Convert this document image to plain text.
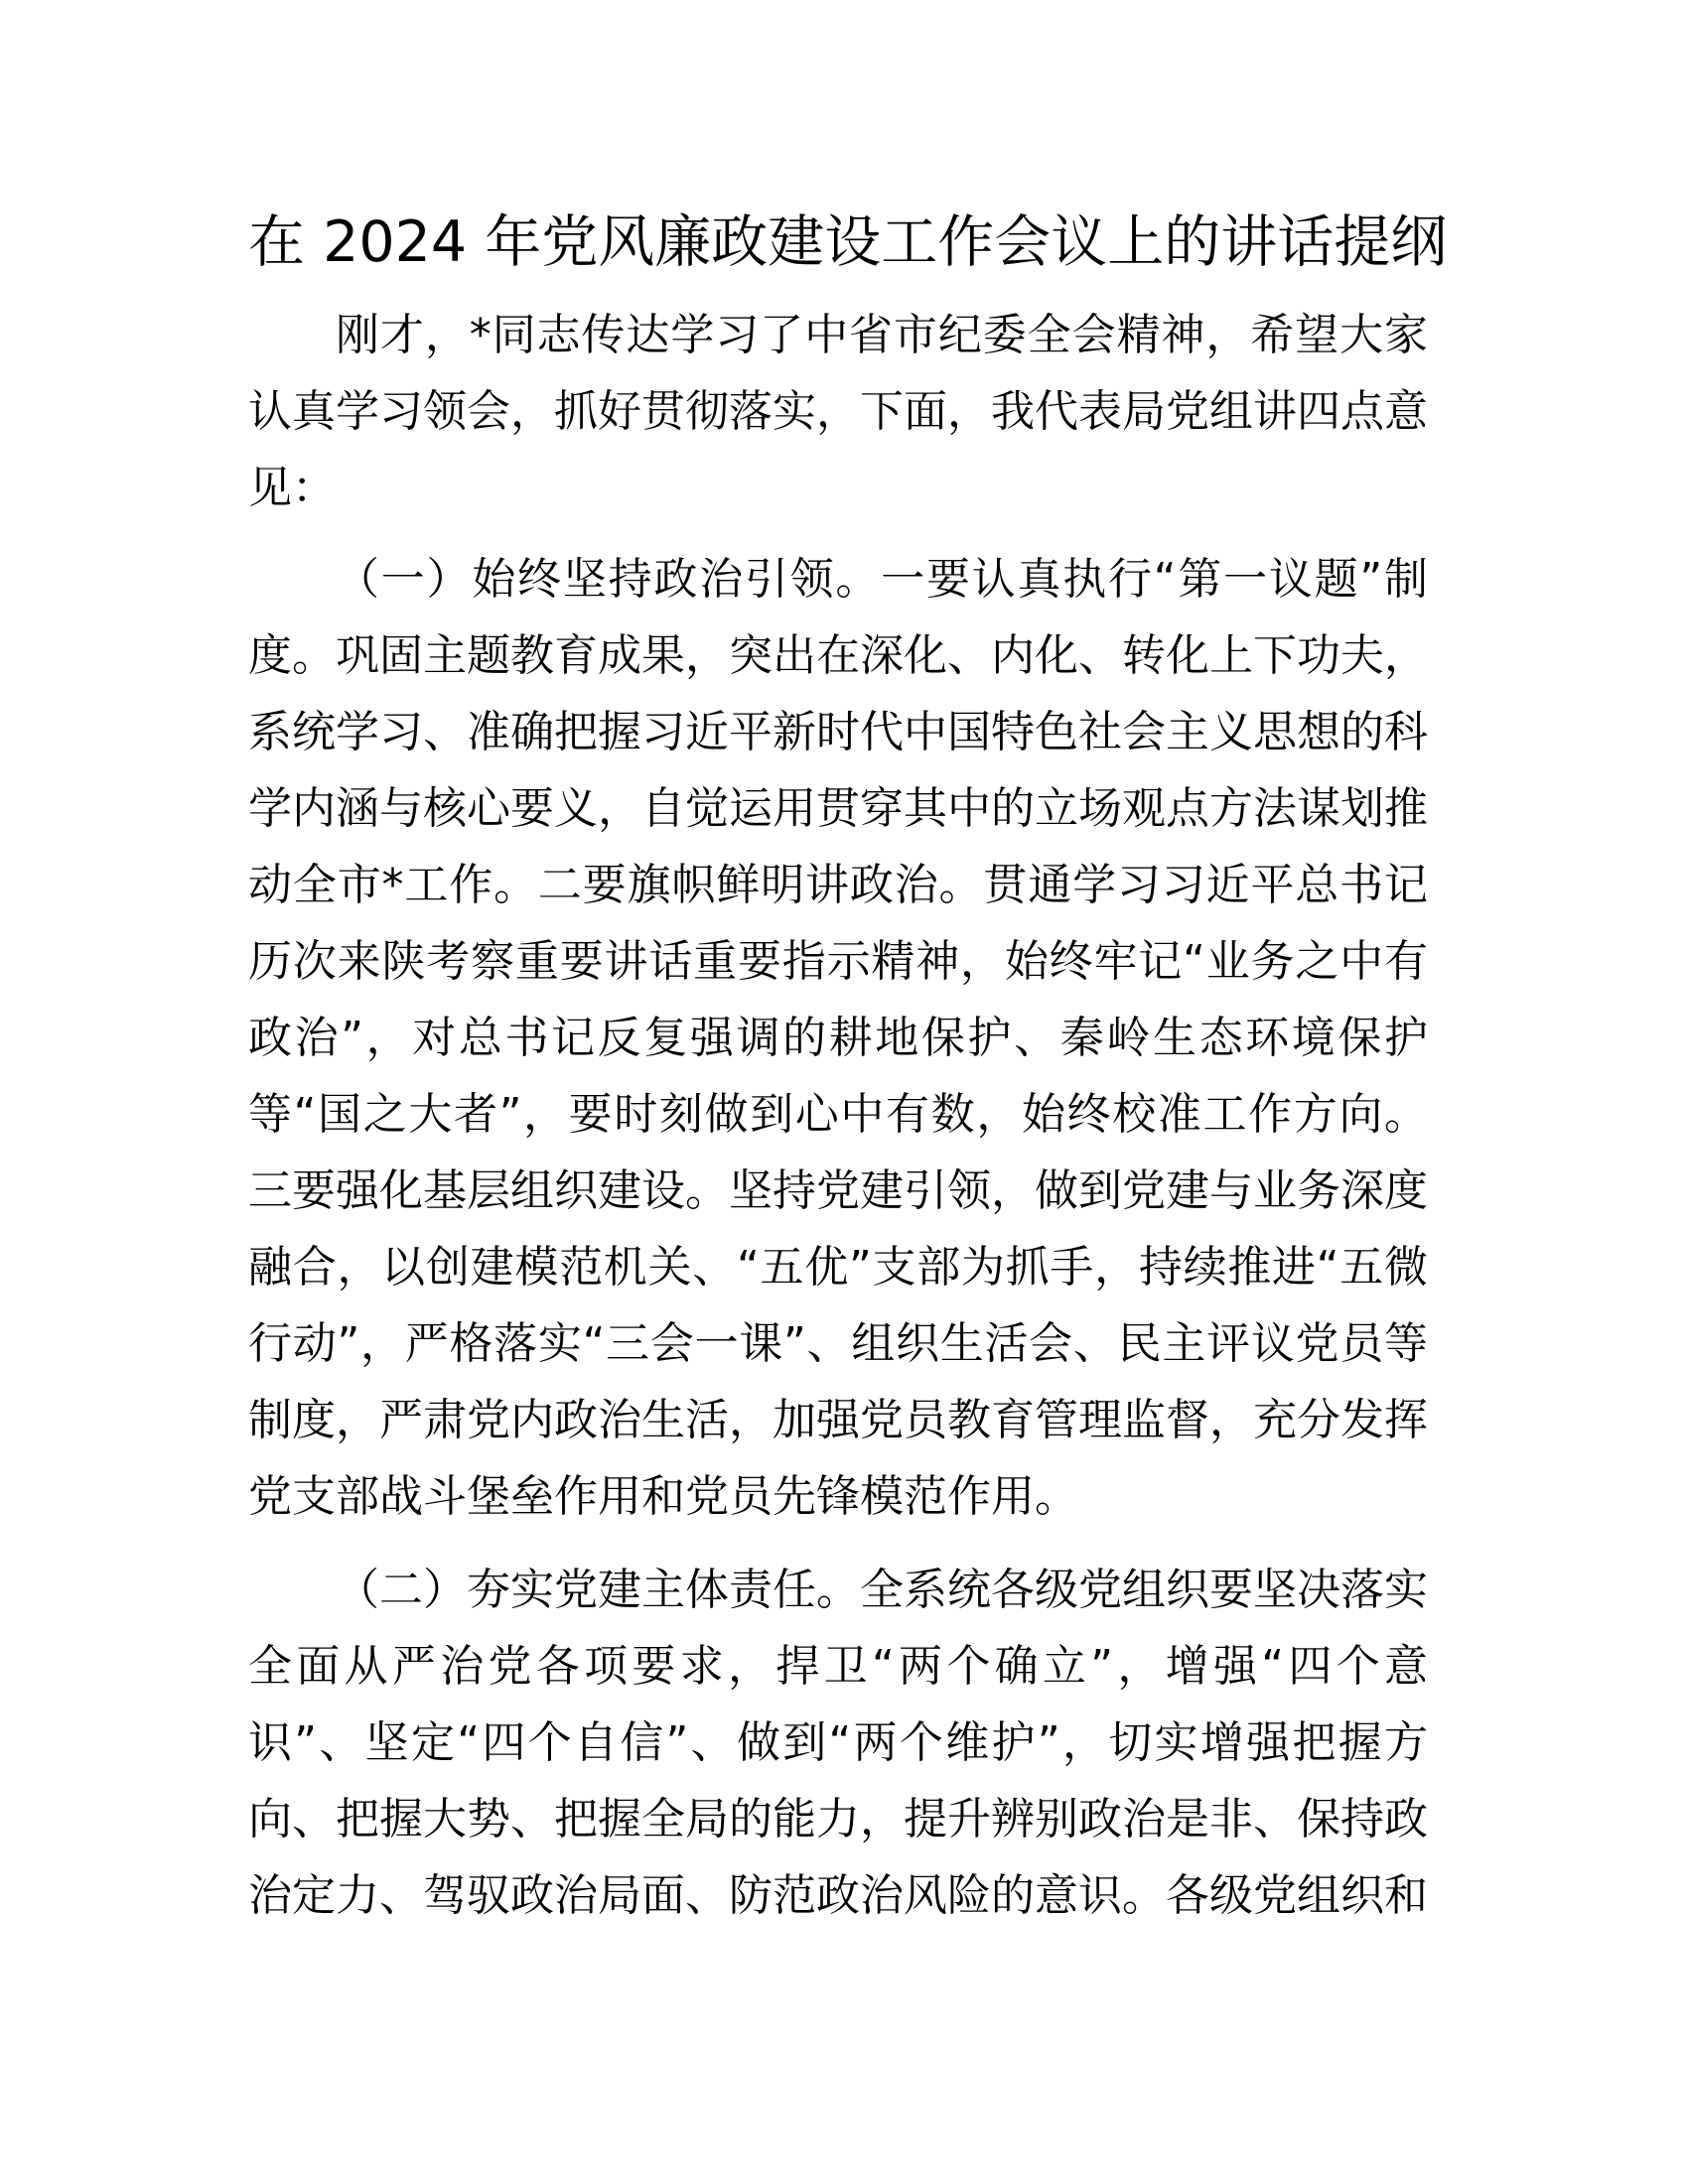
在 2024 年党风廉政建设工作会议上的讲话提纲
刚才，*同志传达学习了中省市纪委全会精神，希望大家
认真学习领会，抓好贯彻落实，下面，我代表局党组讲四点意
见：
（一）始终坚持政治引领。一要认真执行“第一议题”制
度。巩固主题教育成果，突出在深化、内化、转化上下功夫，
系统学习、准确把握习近平新时代中国特色社会主义思想的科
学内涵与核心要义，自觉运用贯穿其中的立场观点方法谋划推
动全市*工作。二要旗帜鲜明讲政治。贯通学习习近平总书记
历次来陕考察重要讲话重要指示精神，始终牢记“业务之中有
政治”，对总书记反复强调的耕地保护、秦岭生态环境保护
等“国之大者”，要时刻做到心中有数，始终校准工作方向。
三要强化基层组织建设。坚持党建引领，做到党建与业务深度
融合，以创建模范机关、“五优”支部为抓手，持续推进“五微
行动”，严格落实“三会一课”、组织生活会、民主评议党员等
制度，严肃党内政治生活，加强党员教育管理监督，充分发挥
党支部战斗堡垒作用和党员先锋模范作用。
（二）夯实党建主体责任。全系统各级党组织要坚决落实
全面从严治党各项要求，捍卫“两个确立”，增强“四个意
识”、坚定“四个自信”、做到“两个维护”，切实增强把握方
向、把握大势、把握全局的能力，提升辨别政治是非、保持政
治定力、驾驭政治局面、防范政治风险的意识。各级党组织和
